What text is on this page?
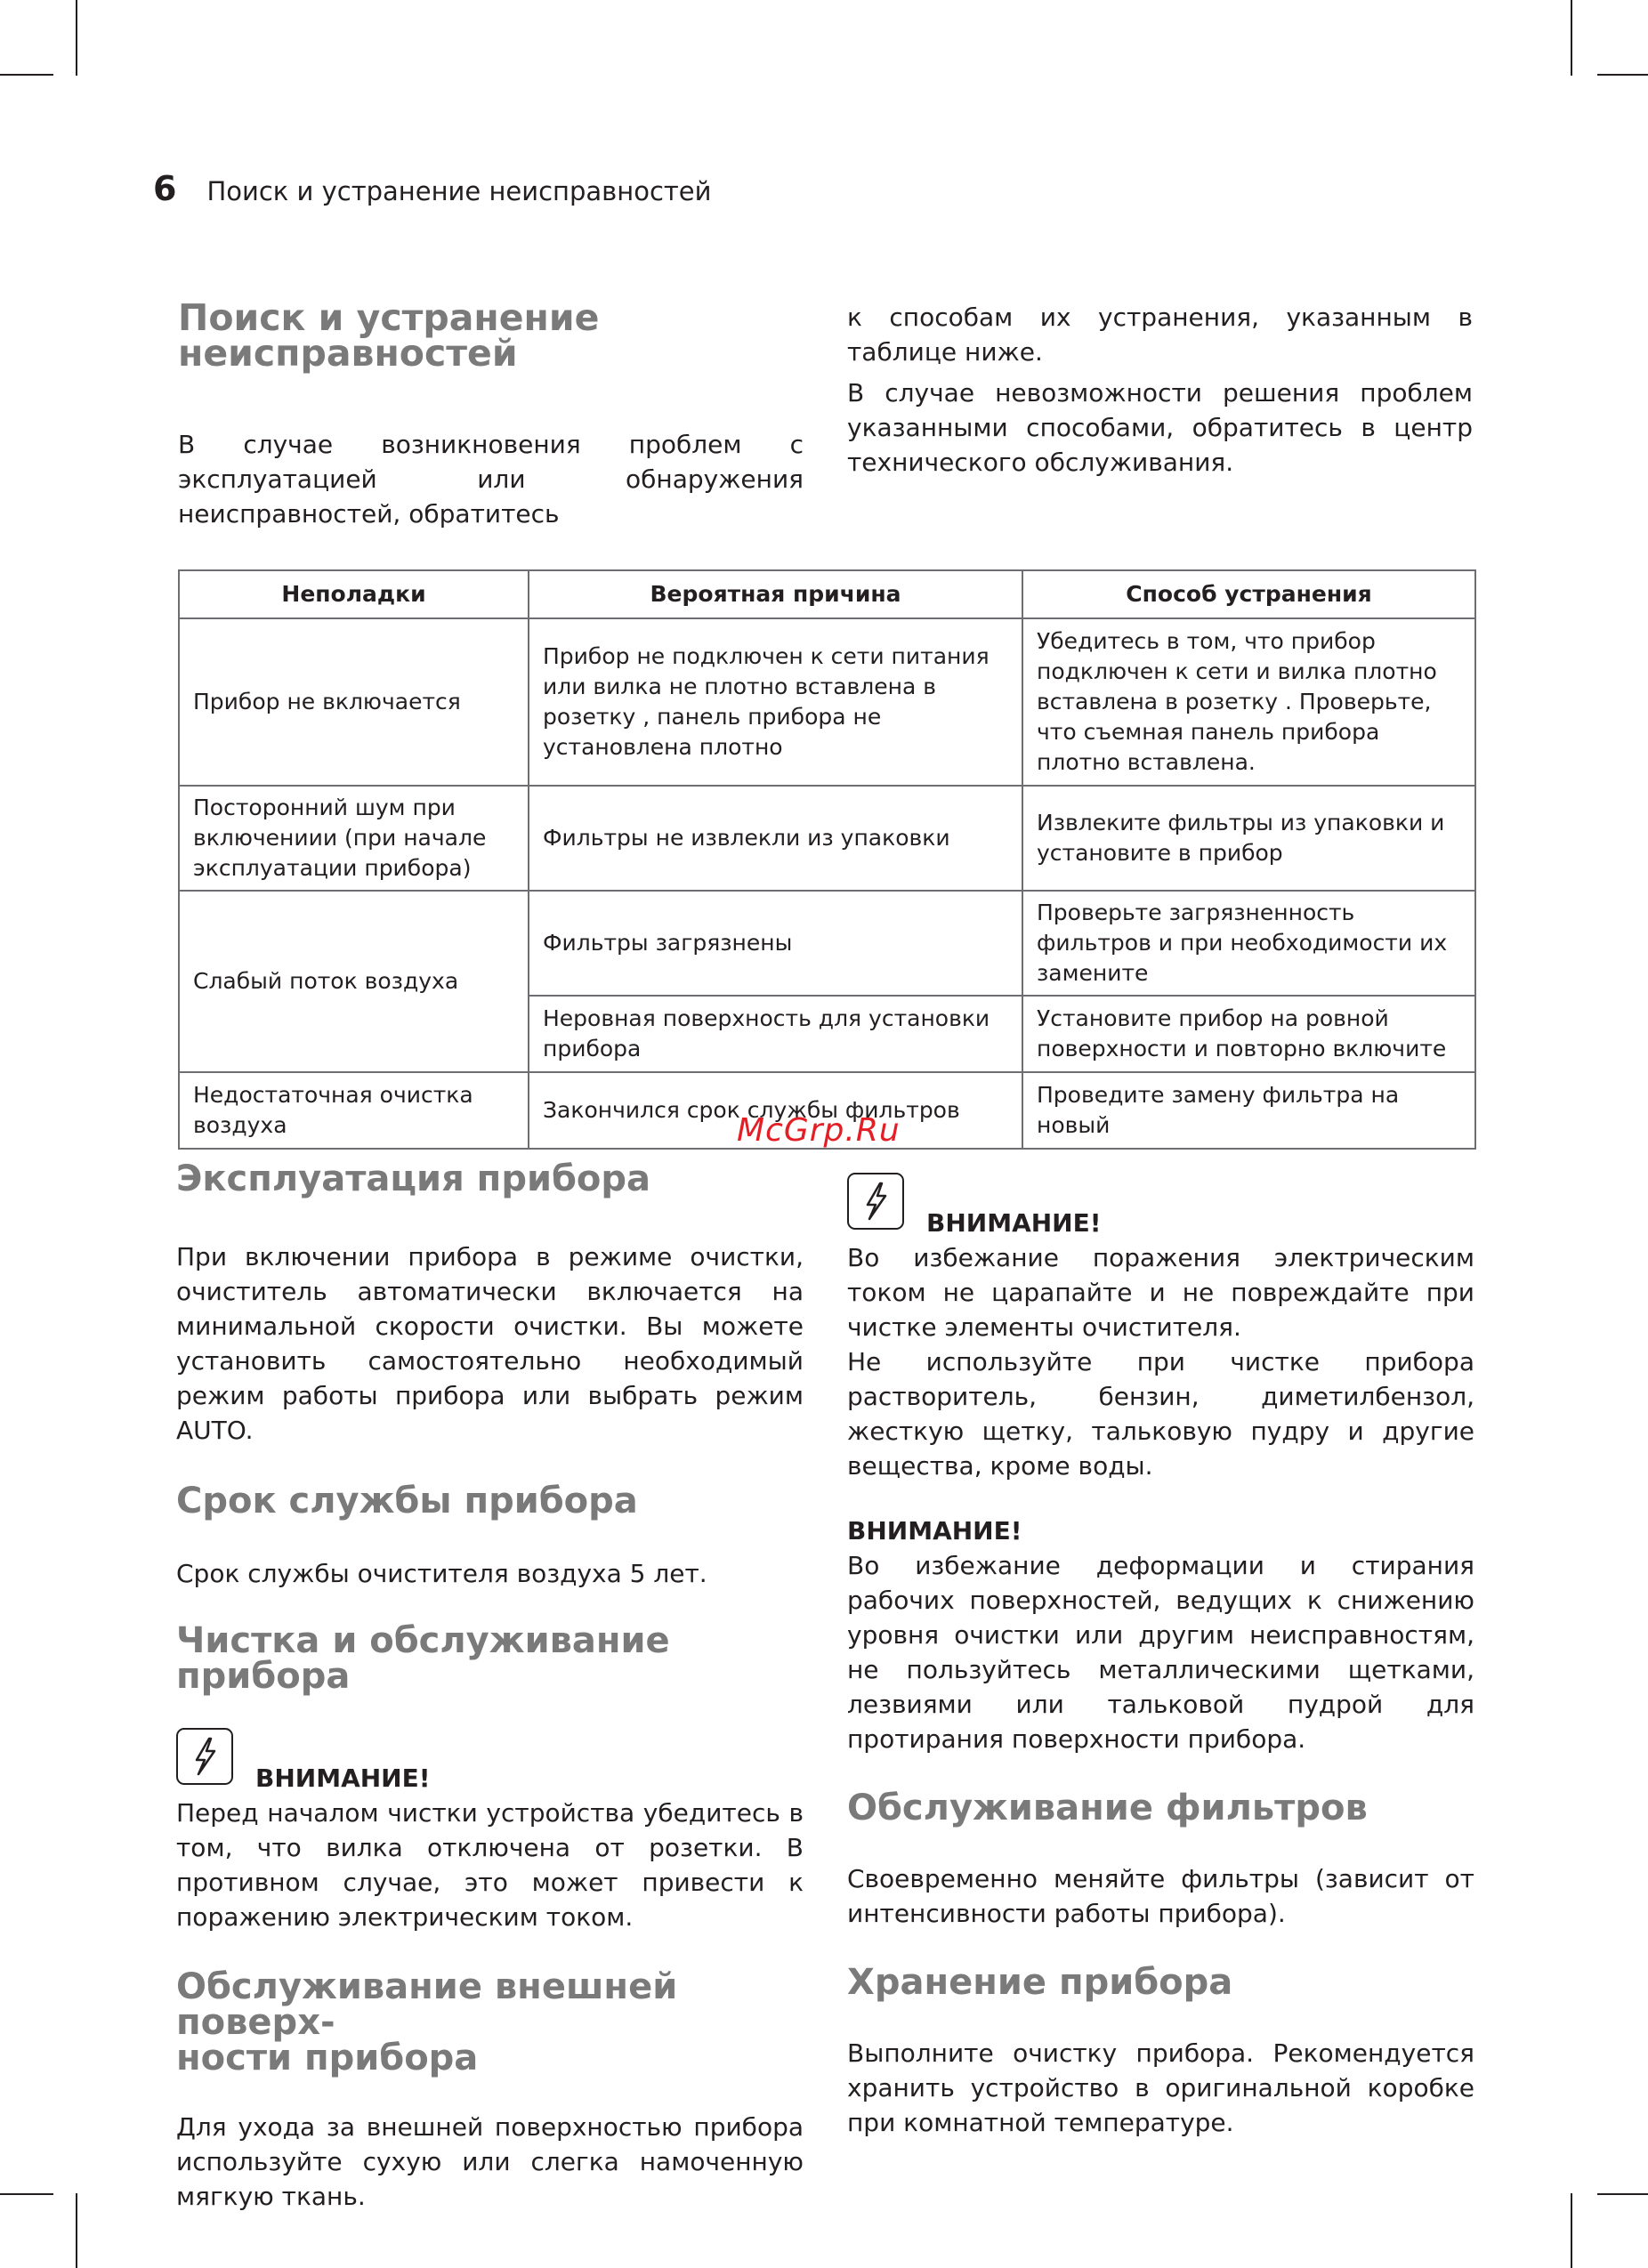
6 Поиск и устранение неисправностей
Поиск и устранение
неисправностей

В случае возникновения проблем с эксплуатацией или обнаружения неисправностей, обратитесь

к способам их устранения, указанным в таблице ниже.

В случае невозможности решения проблем указанными способами, обратитесь в центр технического обслуживания.

Неполадки	Вероятная причина	Способ устранения
Прибор не включается	Прибор не подключен к сети питания или вилка не плотно вставлена в розетку , панель прибора не установлена плотно	Убедитесь в том, что прибор подключен к сети и вилка плотно вставлена в розетку . Проверьте, что съемная панель прибора плотно вставлена.
Посторонний шум при включениии (при начале эксплуатации прибора)	Фильтры не извлекли из упаковки	Извлеките фильтры из упаковки и установите в прибор
Слабый поток воздуха	Фильтры загрязнены	Проверьте загрязненность фильтров и при необходимости их замените
	Неровная поверхность для установки прибора	Установите прибор на ровной поверхности и повторно включите
Недостаточная очистка воздуха	Закончился срок службы фильтров	Проведите замену фильтра на новый
McGrp.Ru
Эксплуатация прибора

При включении прибора в режиме очистки, очиститель автоматически включается на минимальной скорости очистки. Вы можете установить самостоятельно необходимый режим работы прибора или выбрать режим AUTO.

Срок службы прибора

Срок службы очистителя воздуха 5 лет.

Чистка и обслуживание прибора
ВНИМАНИЕ!

Перед началом чистки устройства убедитесь в том, что вилка отключена от розетки. В противном случае, это может привести к поражению электрическим током.

Обслуживание внешней поверх-
ности прибора

Для ухода за внешней поверхностью прибора используйте сухую или слегка намоченную мягкую ткань.

ВНИМАНИЕ!

Во избежание поражения электрическим током не царапайте и не повреждайте при чистке элементы очистителя.

Не используйте при чистке прибора растворитель, бензин, диметилбензол, жесткую щетку, тальковую пудру и другие вещества, кроме воды.

ВНИМАНИЕ!

Во избежание деформации и стирания рабочих поверхностей, ведущих к снижению уровня очистки или другим неисправностям, не пользуйтесь металлическими щетками, лезвиями или тальковой пудрой для протирания поверхности прибора.

Обслуживание фильтров

Своевременно меняйте фильтры (зависит от интенсивности работы прибора).

Хранение прибора

Выполните очистку прибора. Рекомендуется хранить устройство в оригинальной коробке при комнатной температуре.
